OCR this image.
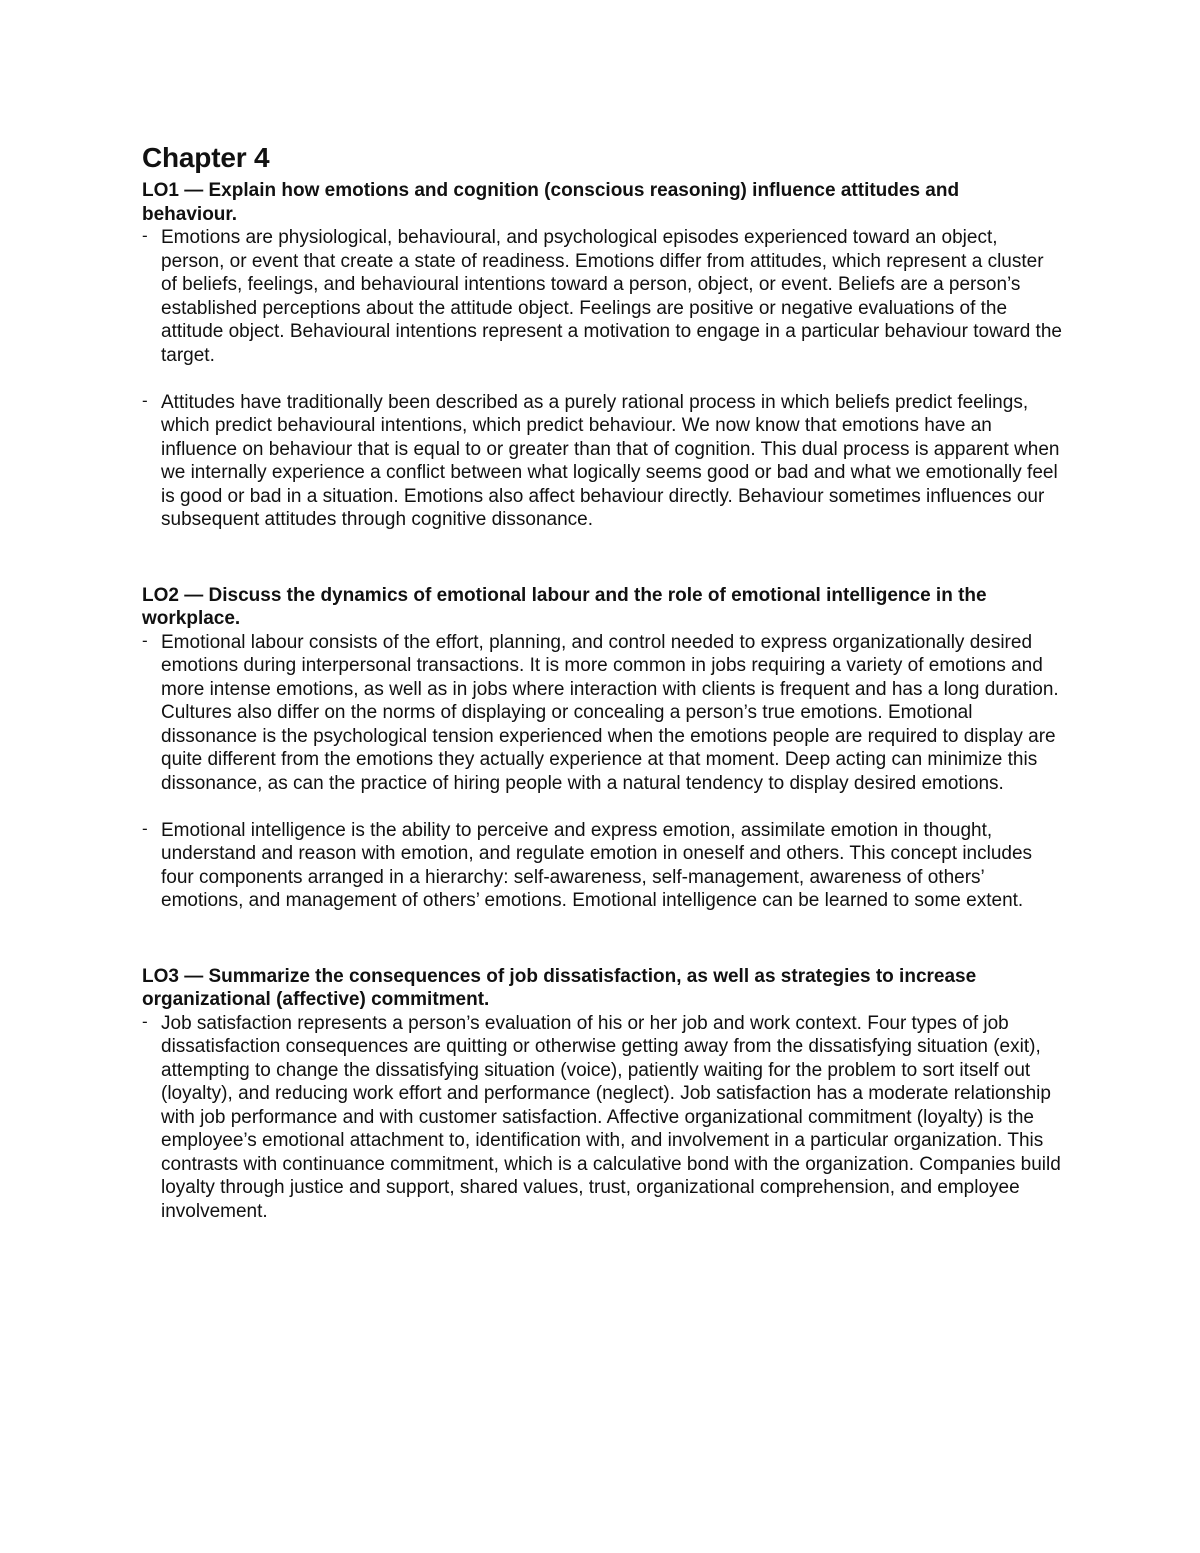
Chapter 4

LO1 — Explain how emotions and cognition (conscious reasoning) influence attitudes and behaviour.

- Emotions are physiological, behavioural, and psychological episodes experienced toward an object, person, or event that create a state of readiness. Emotions differ from attitudes, which represent a cluster of beliefs, feelings, and behavioural intentions toward a person, object, or event. Beliefs are a person’s established perceptions about the attitude object. Feelings are positive or negative evaluations of the attitude object. Behavioural intentions represent a motivation to engage in a particular behaviour toward the target.

- Attitudes have traditionally been described as a purely rational process in which beliefs predict feelings, which predict behavioural intentions, which predict behaviour. We now know that emotions have an influence on behaviour that is equal to or greater than that of cognition. This dual process is apparent when we internally experience a conflict between what logically seems good or bad and what we emotionally feel is good or bad in a situation. Emotions also affect behaviour directly. Behaviour sometimes influences our subsequent attitudes through cognitive dissonance.

LO2 — Discuss the dynamics of emotional labour and the role of emotional intelligence in the workplace.

- Emotional labour consists of the effort, planning, and control needed to express organizationally desired emotions during interpersonal transactions. It is more common in jobs requiring a variety of emotions and more intense emotions, as well as in jobs where interaction with clients is frequent and has a long duration. Cultures also differ on the norms of displaying or concealing a person’s true emotions. Emotional dissonance is the psychological tension experienced when the emotions people are required to display are quite different from the emotions they actually experience at that moment. Deep acting can minimize this dissonance, as can the practice of hiring people with a natural tendency to display desired emotions.

- Emotional intelligence is the ability to perceive and express emotion, assimilate emotion in thought, understand and reason with emotion, and regulate emotion in oneself and others. This concept includes four components arranged in a hierarchy: self-awareness, self-management, awareness of others’ emotions, and management of others’ emotions. Emotional intelligence can be learned to some extent.

LO3 — Summarize the consequences of job dissatisfaction, as well as strategies to increase organizational (affective) commitment.

- Job satisfaction represents a person’s evaluation of his or her job and work context. Four types of job dissatisfaction consequences are quitting or otherwise getting away from the dissatisfying situation (exit), attempting to change the dissatisfying situation (voice), patiently waiting for the problem to sort itself out (loyalty), and reducing work effort and performance (neglect). Job satisfaction has a moderate relationship with job performance and with customer satisfaction. Affective organizational commitment (loyalty) is the employee’s emotional attachment to, identification with, and involvement in a particular organization. This contrasts with continuance commitment, which is a calculative bond with the organization. Companies build loyalty through justice and support, shared values, trust, organizational comprehension, and employee involvement.
